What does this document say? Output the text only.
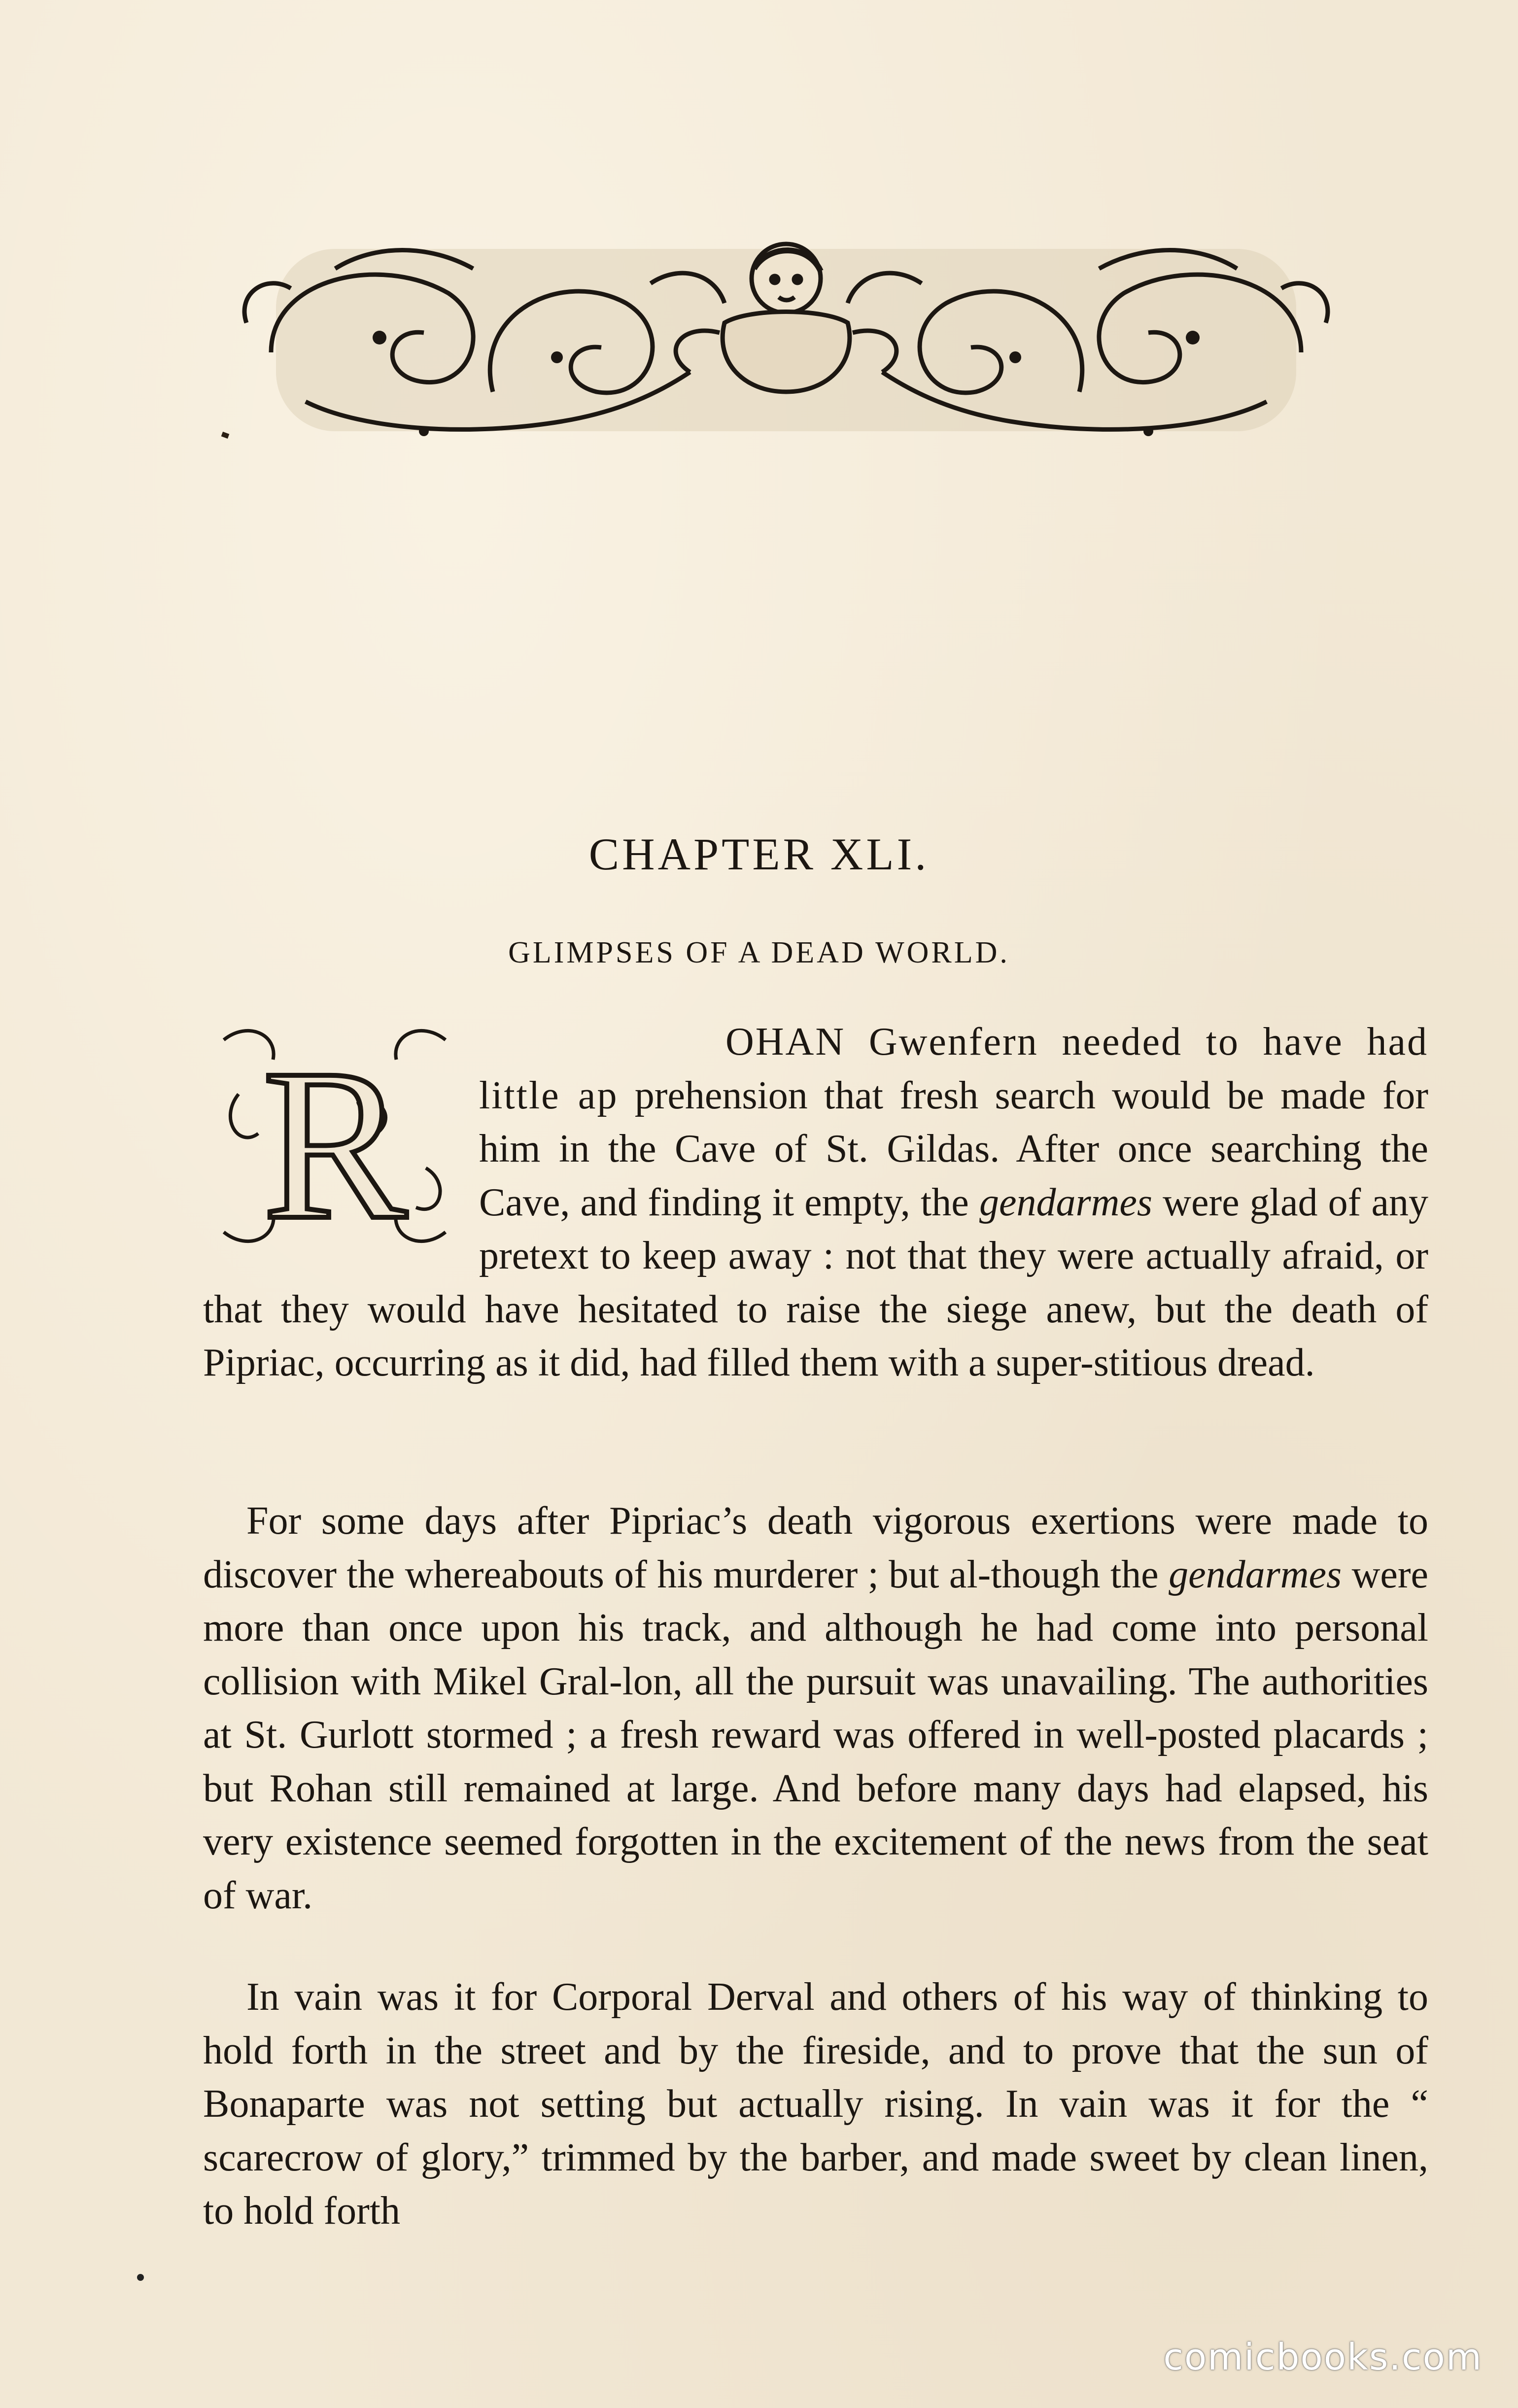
CHAPTER XLI.
GLIMPSES OF A DEAD WORLD.
R	OHAN Gwenfern needed to have had little ap prehension that fresh search would be made for him in the Cave of St. Gildas. After once searching the Cave, and finding it empty, the gendarmes were glad of any pretext to keep away : not that they were actually afraid, or that they would have hesitated to raise the siege anew, but the death of Pipriac, occurring as it did, had filled them with a super-stitious dread.
For some days after Pipriac’s death vigorous exertions were made to discover the whereabouts of his murderer ; but al-though the gendarmes were more than once upon his track, and although he had come into personal collision with Mikel Gral-lon, all the pursuit was unavailing. The authorities at St. Gurlott stormed ; a fresh reward was offered in well-posted placards ; but Rohan still remained at large. And before many days had elapsed, his very existence seemed forgotten in the excitement of the news from the seat of war.
In vain was it for Corporal Derval and others of his way of thinking to hold forth in the street and by the fireside, and to prove that the sun of Bonaparte was not setting but actually rising. In vain was it for the “ scarecrow of glory,” trimmed by the barber, and made sweet by clean linen, to hold forth
comicbooks.com
